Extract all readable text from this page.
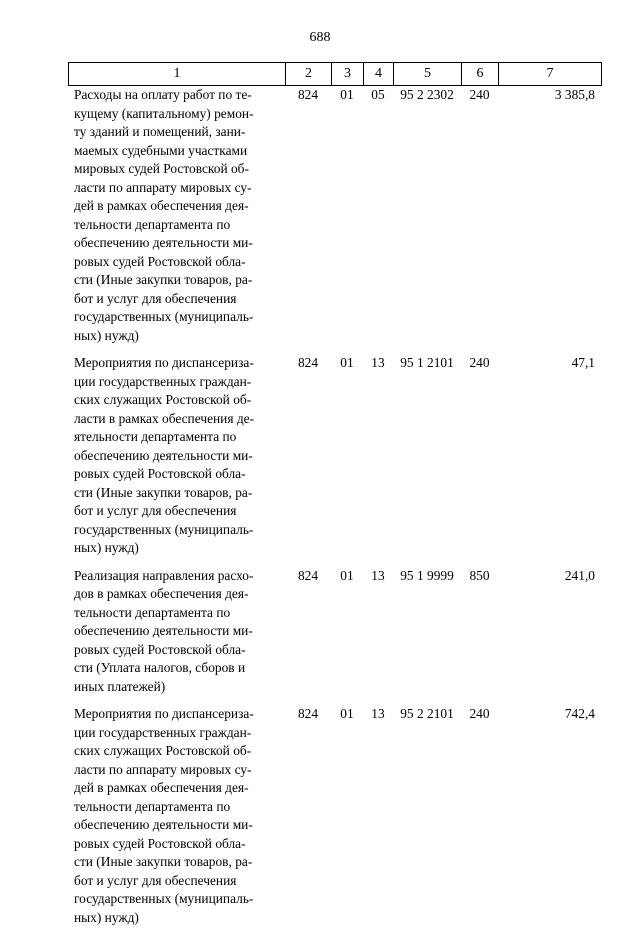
688
1	2	3	4	5	6	7
Расходы на оплату работ по те-
кущему (капитальному) ремон-
ту зданий и помещений, зани-
маемых судебными участками
мировых судей Ростовской об-
ласти по аппарату мировых су-
дей в рамках обеспечения дея-
тельности департамента по
обеспечению деятельности ми-
ровых судей Ростовской обла-
сти (Иные закупки товаров, ра-
бот и услуг для обеспечения
государственных (муниципаль-
ных) нужд)
824	01	05	95 2 2302	240	3 385,8
Мероприятия по диспансериза-
ции государственных граждан-
ских служащих Ростовской об-
ласти в рамках обеспечения де-
ятельности департамента по
обеспечению деятельности ми-
ровых судей Ростовской обла-
сти (Иные закупки товаров, ра-
бот и услуг для обеспечения
государственных (муниципаль-
ных) нужд)
824	01	13	95 1 2101	240	47,1
Реализация направления расхо-
дов в рамках обеспечения дея-
тельности департамента по
обеспечению деятельности ми-
ровых судей Ростовской обла-
сти (Уплата налогов, сборов и
иных платежей)
824	01	13	95 1 9999	850	241,0
Мероприятия по диспансериза-
ции государственных граждан-
ских служащих Ростовской об-
ласти по аппарату мировых су-
дей в рамках обеспечения дея-
тельности департамента по
обеспечению деятельности ми-
ровых судей Ростовской обла-
сти (Иные закупки товаров, ра-
бот и услуг для обеспечения
государственных (муниципаль-
ных) нужд)
824	01	13	95 2 2101	240	742,4
